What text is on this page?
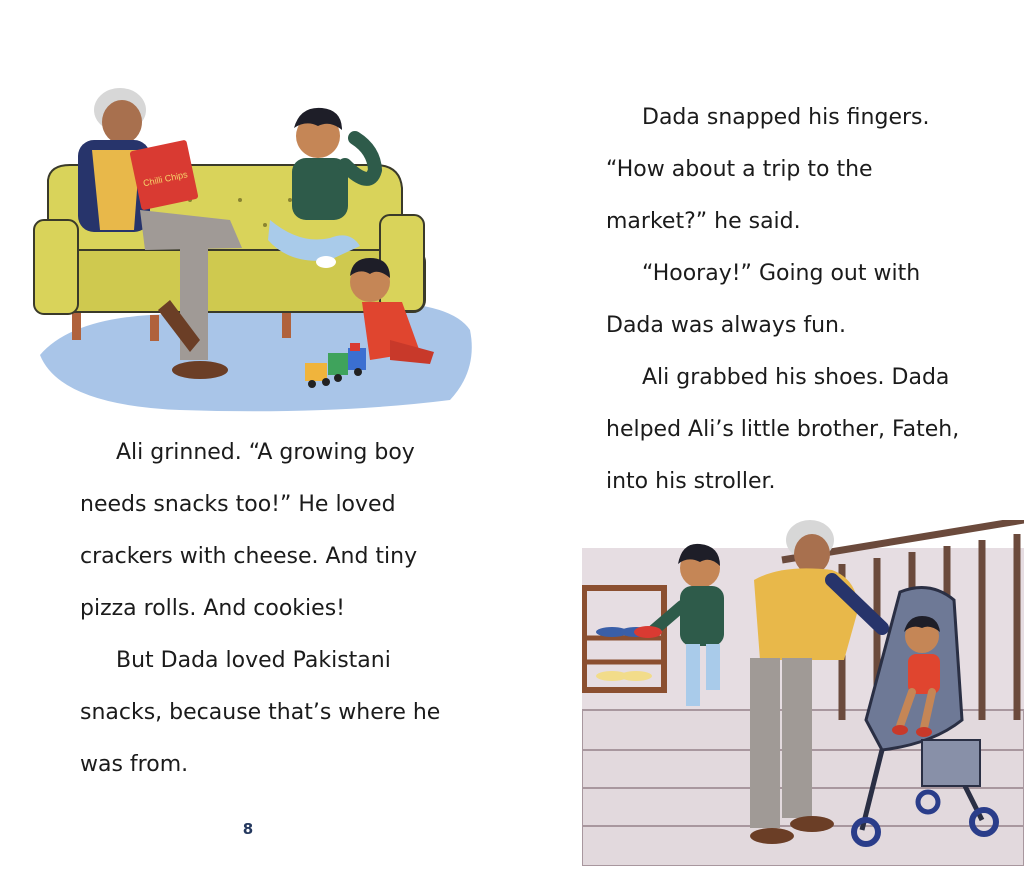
Chilli Chips
Ali grinned. “A growing boy
needs snacks too!” He loved
crackers with cheese. And tiny
pizza rolls. And cookies!
But Dada loved Pakistani
snacks, because that’s where he
was from.
8
Dada snapped his fingers.
“How about a trip to the
market?” he said.
“Hooray!” Going out with
Dada was always fun.
Ali grabbed his shoes. Dada
helped Ali’s little brother, Fateh,
into his stroller.
